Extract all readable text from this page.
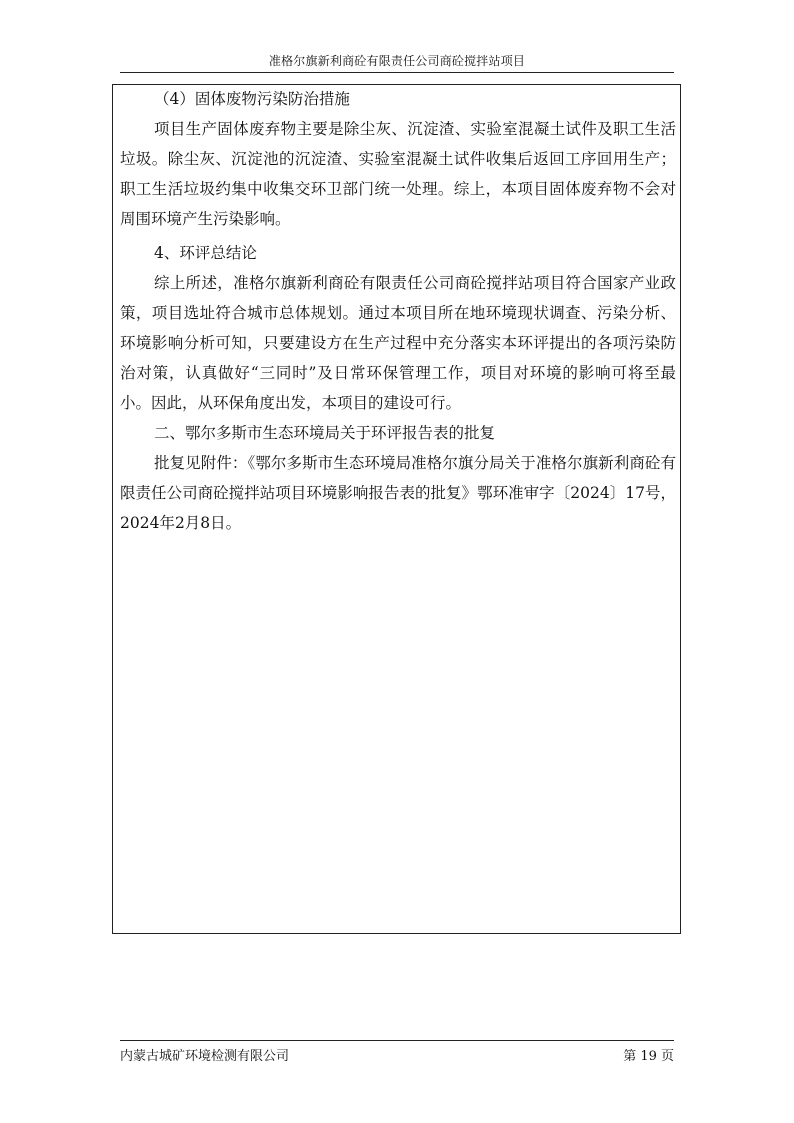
准格尔旗新利商砼有限责任公司商砼搅拌站项目

（4）固体废物污染防治措施

项目生产固体废弃物主要是除尘灰、沉淀渣、实验室混凝土试件及职工生活垃圾。除尘灰、沉淀池的沉淀渣、实验室混凝土试件收集后返回工序回用生产；职工生活垃圾约集中收集交环卫部门统一处理。综上，本项目固体废弃物不会对周围环境产生污染影响。

4、环评总结论

综上所述，准格尔旗新利商砼有限责任公司商砼搅拌站项目符合国家产业政策，项目选址符合城市总体规划。通过本项目所在地环境现状调查、污染分析、环境影响分析可知，只要建设方在生产过程中充分落实本环评提出的各项污染防治对策，认真做好“三同时”及日常环保管理工作，项目对环境的影响可将至最小。因此，从环保角度出发，本项目的建设可行。

二、鄂尔多斯市生态环境局关于环评报告表的批复

批复见附件：《鄂尔多斯市生态环境局准格尔旗分局关于准格尔旗新利商砼有限责任公司商砼搅拌站项目环境影响报告表的批复》鄂环准审字〔2024〕17号，2024年2月8日。

内蒙古城矿环境检测有限公司	第 19 页
